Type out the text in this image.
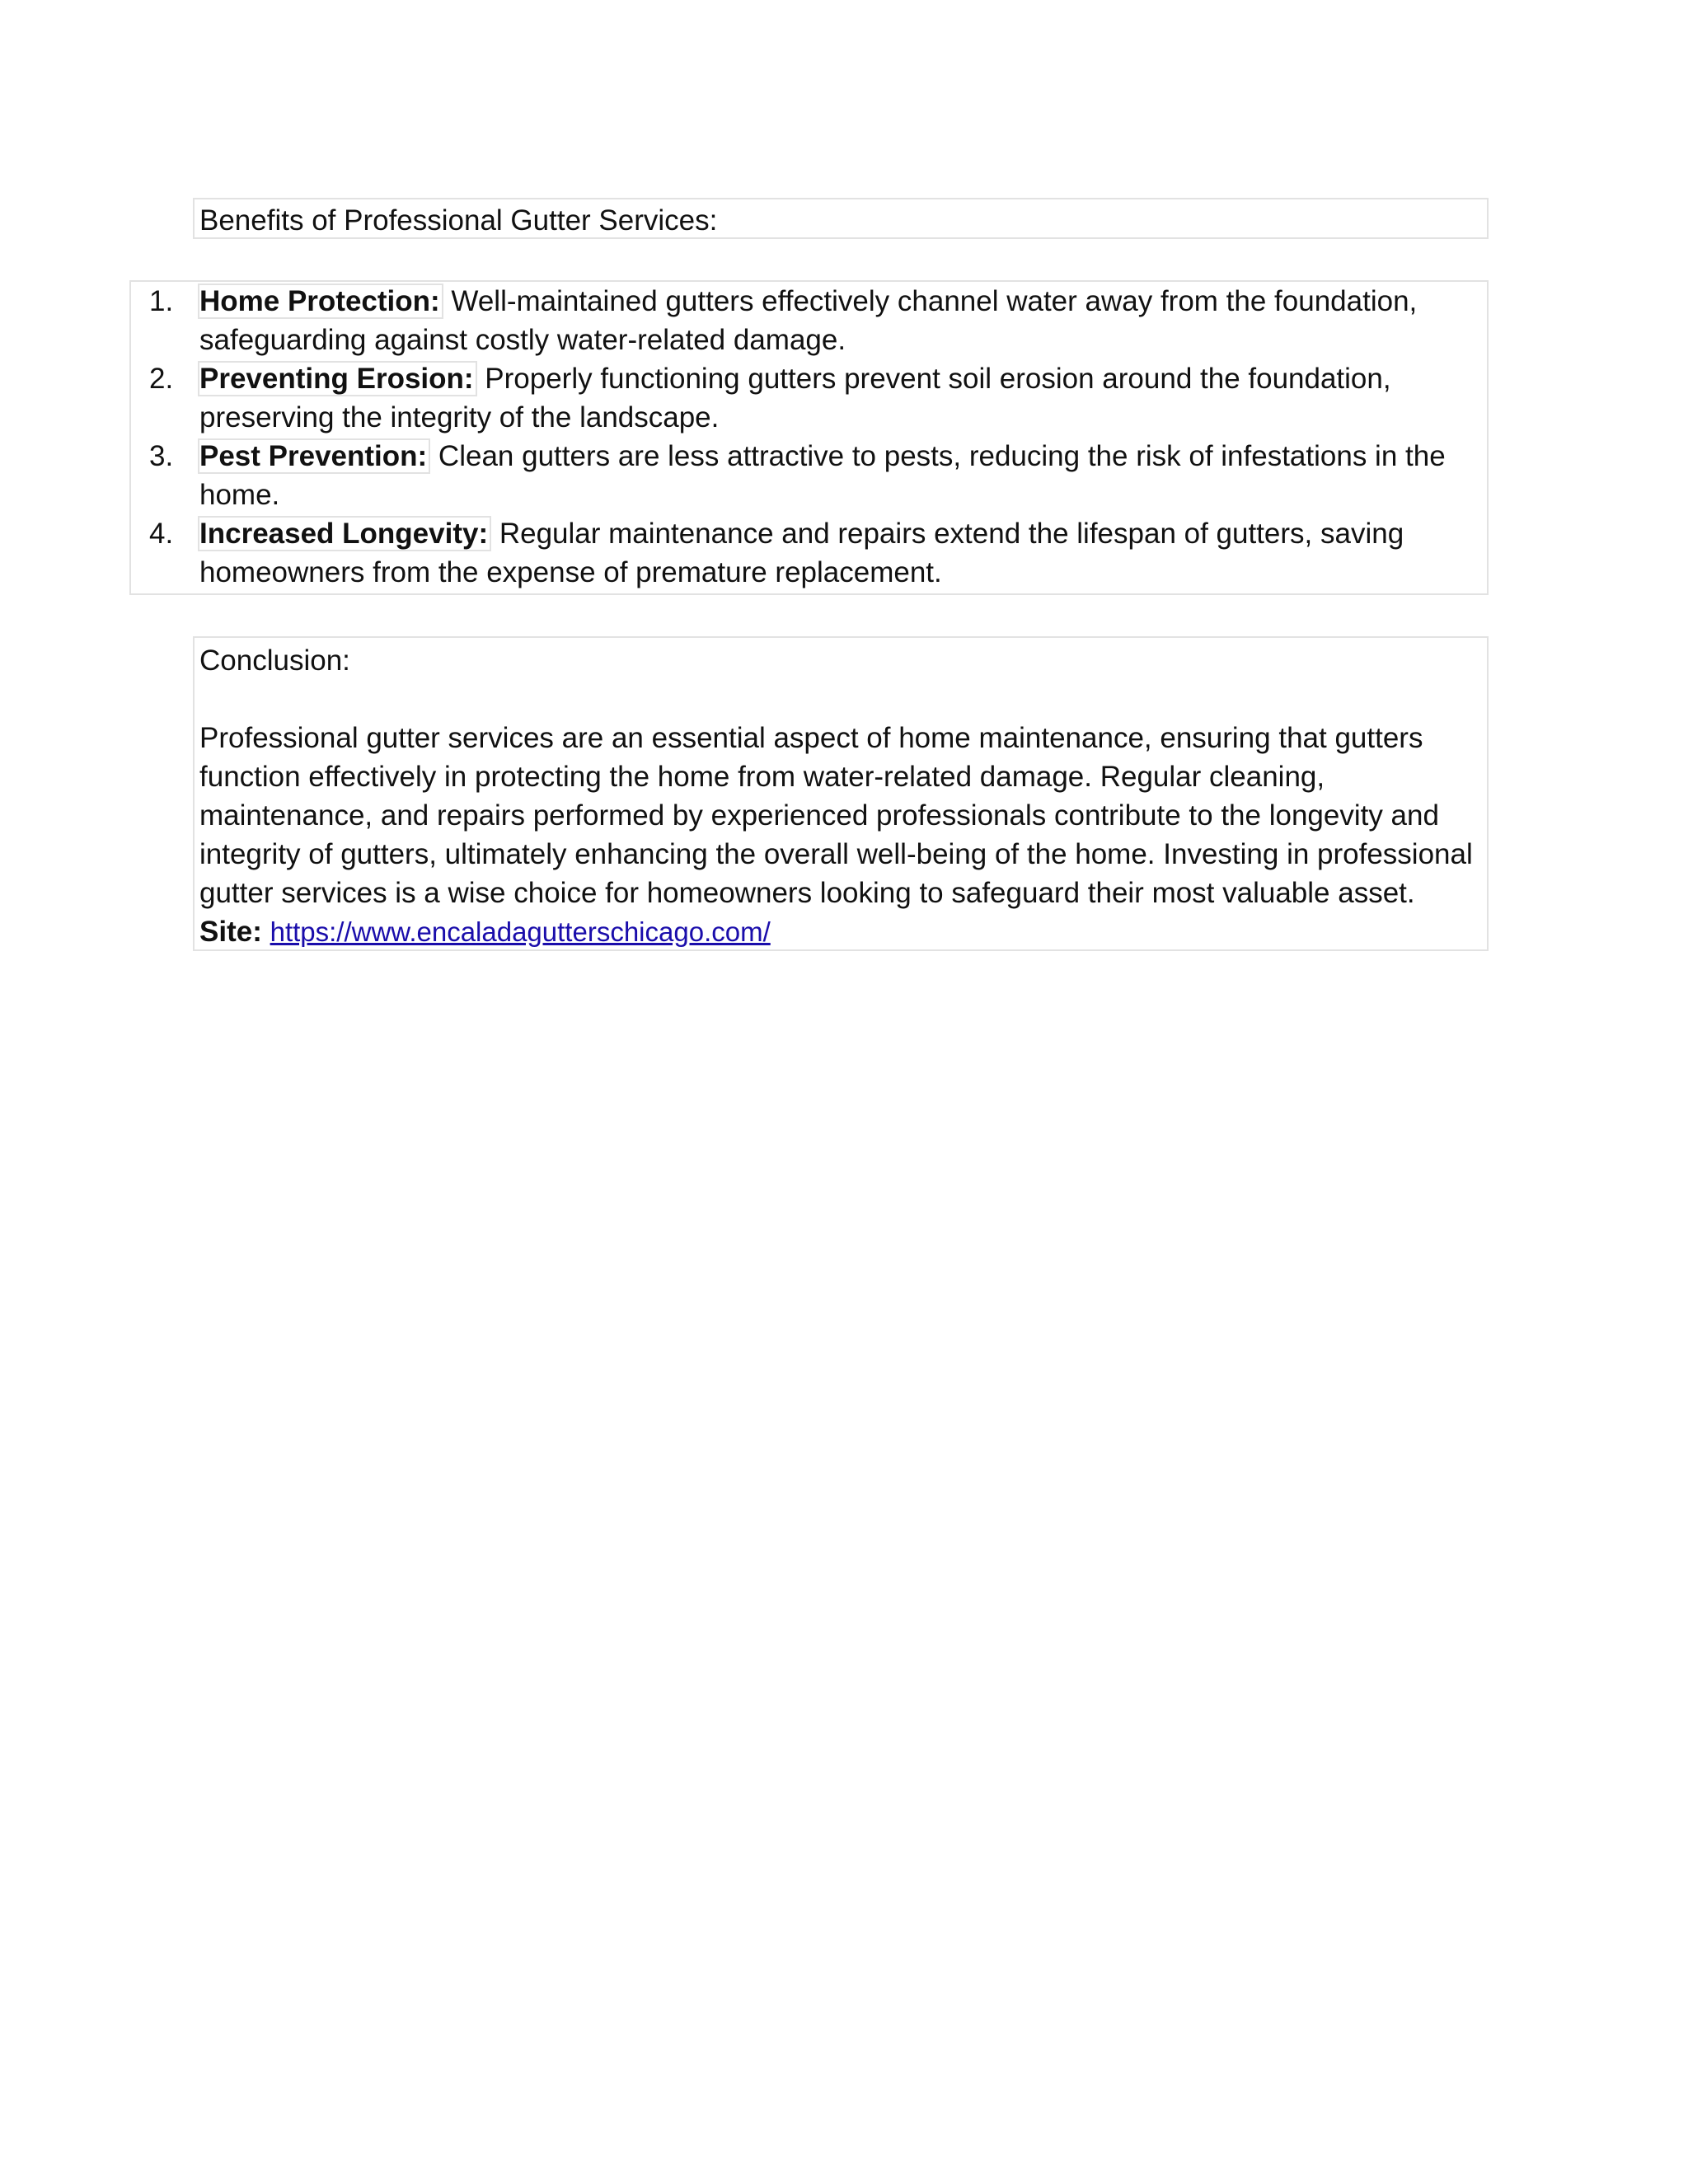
Benefits of Professional Gutter Services:
1. Home Protection: Well-maintained gutters effectively channel water away from the foundation, safeguarding against costly water-related damage.
2. Preventing Erosion: Properly functioning gutters prevent soil erosion around the foundation, preserving the integrity of the landscape.
3. Pest Prevention: Clean gutters are less attractive to pests, reducing the risk of infestations in the home.
4. Increased Longevity: Regular maintenance and repairs extend the lifespan of gutters, saving homeowners from the expense of premature replacement.
Conclusion:
Professional gutter services are an essential aspect of home maintenance, ensuring that gutters function effectively in protecting the home from water-related damage. Regular cleaning, maintenance, and repairs performed by experienced professionals contribute to the longevity and integrity of gutters, ultimately enhancing the overall well-being of the home. Investing in professional gutter services is a wise choice for homeowners looking to safeguard their most valuable asset. Site: https://www.encaladagutterschicago.com/
